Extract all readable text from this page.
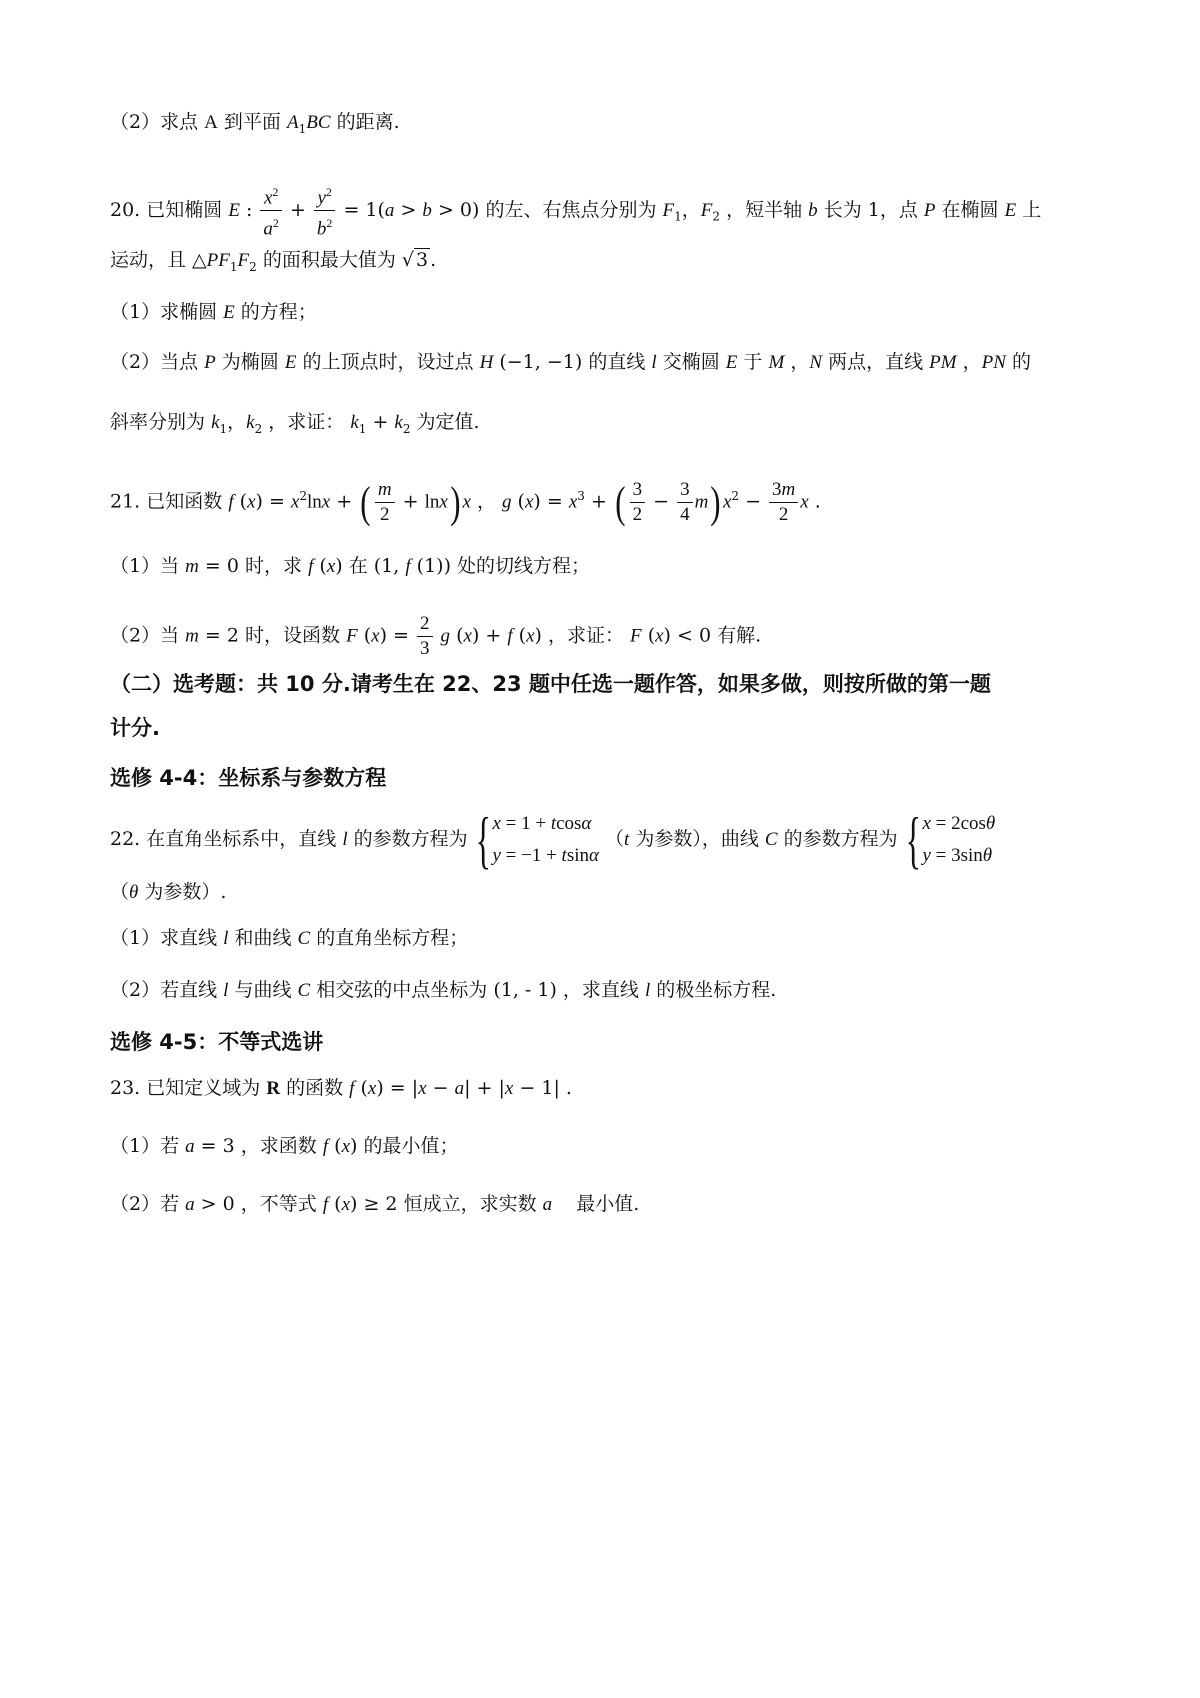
（2）求点 A 到平面 $A_1BC$ 的距离.
20. 已知椭圆 E : $\frac{x^2}{a^2} + \frac{y^2}{b^2} = 1(a > b > 0)$ 的左、右焦点分别为 $F_1$，$F_2$ ，短半轴 b 长为 1，点 P 在椭圆 E 上
运动，且 $\triangle PF_1F_2$ 的面积最大值为 √ 3 .
（1）求椭圆 E 的方程；
（2）当点 P 为椭圆 E 的上顶点时，设过点 H (−1, −1) 的直线 l 交椭圆 E 于 M ，N 两点，直线 PM ，PN 的
斜率分别为 $k_1$，$k_2$ ，求证： $k_1 + k_2$ 为定值.
21. 已知函数 f $(x) = x^2\ln x$ + ( $\frac{m}{2} + \ln x$) x ， g $(x) = x^3$ + ( $\frac{3}{2} - \frac{3}{4} m$) $x^2 - \frac{3m}{2}$ x .
（1）当 m = 0 时，求 f (x) 在 (1, f (1)) 处的切线方程；
（2）当 m = 2 时，设函数 F $(x) = \frac{2}{3}$ g (x) + f (x) ，求证： F (x) < 0 有解.
（二）选考题：共 10 分.请考生在 22、23 题中任选一题作答，如果多做，则按所做的第一题
计分.
选修 4-4：坐标系与参数方程
22. 在直角坐标系中，直线 l 的参数方程为 { x = 1 + tcosα
y = −1 + tsinα
（t 为参数），曲线 C 的参数方程为 { x = 2cosθ
y = 3sinθ
（θ 为参数）.
（1）求直线 l 和曲线 C 的直角坐标方程；
（2）若直线 l 与曲线 C 相交弦的中点坐标为 (1, - 1) ，求直线 l 的极坐标方程.
选修 4-5：不等式选讲
23. 已知定义域为 R 的函数 f (x) = |x − a| + |x − 1| .
（1）若 a = 3 ，求函数 f (x) 的最小值；
（2）若 a > 0 ，不等式 f (x) ≥ 2 恒成立，求实数 a 最小值.
